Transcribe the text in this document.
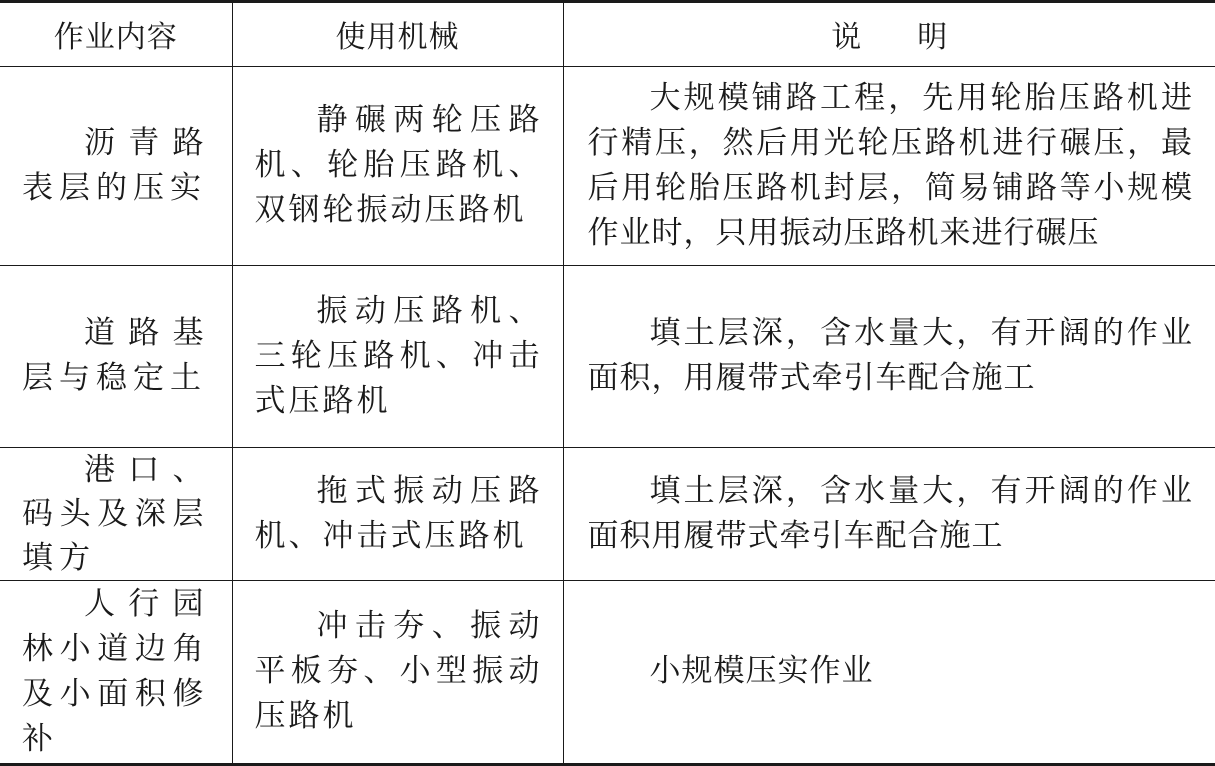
作业内容	使用机械	说明

沥青路表层的压实	静碾两轮压路机、轮胎压路机、双钢轮振动压路机	大规模铺路工程，先用轮胎压路机进行精压，然后用光轮压路机进行碾压，最后用轮胎压路机封层，简易铺路等小规模作业时，只用振动压路机来进行碾压

道路基层与稳定土	振动压路机、三轮压路机、冲击式压路机	填土层深，含水量大，有开阔的作业面积，用履带式牵引车配合施工

港口、码头及深层填方	拖式振动压路机、冲击式压路机	填土层深，含水量大，有开阔的作业面积用履带式牵引车配合施工

人行园林小道边角及小面积修补	冲击夯、振动平板夯、小型振动压路机	小规模压实作业
